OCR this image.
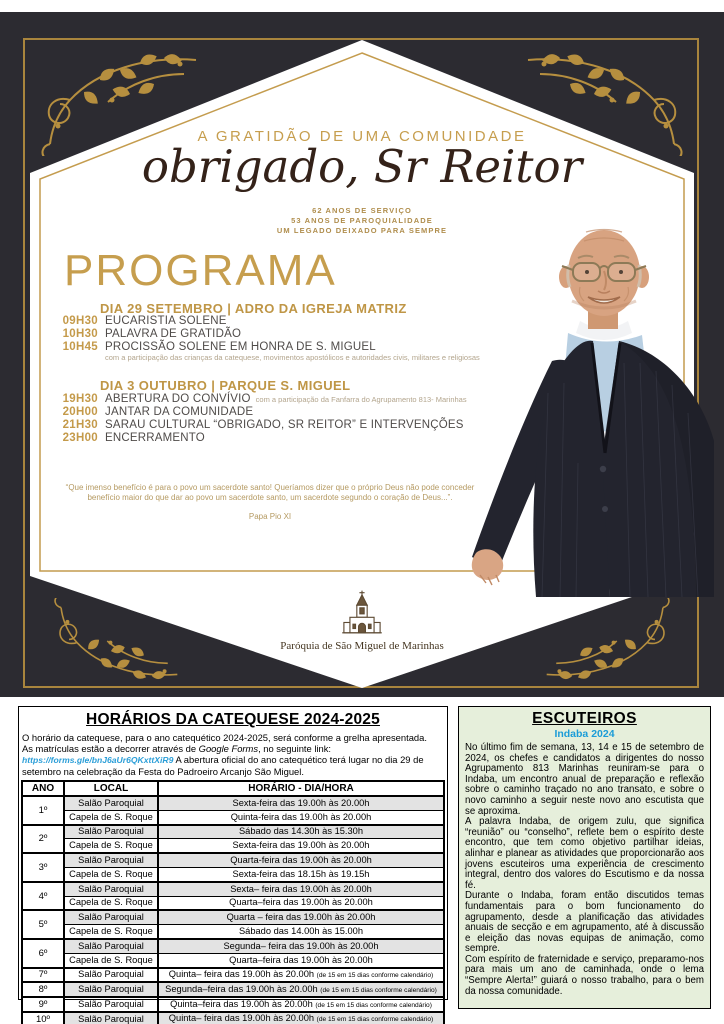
A GRATIDÃO DE UMA COMUNIDADE
obrigado, Sr Reitor
62 ANOS DE SERVIÇO
53 ANOS DE PAROQUIALIDADE
UM LEGADO DEIXADO PARA SEMPRE
PROGRAMA
DIA 29 SETEMBRO | ADRO DA IGREJA MATRIZ
09H30 EUCARISTIA SOLENE
10H30 PALAVRA DE GRATIDÃO
10H45 PROCISSÃO SOLENE EM HONRA DE S. MIGUEL
com a participação das crianças da catequese, movimentos apostólicos e autoridades civis, militares e religiosas
DIA 3 OUTUBRO | PARQUE S. MIGUEL
19H30 ABERTURA DO CONVÍVIO com a participação da Fanfarra do Agrupamento 813- Marinhas
20H00 JANTAR DA COMUNIDADE
21H30 SARAU CULTURAL “OBRIGADO, SR REITOR” E INTERVENÇÕES
23H00 ENCERRAMENTO
“Que imenso benefício é para o povo um sacerdote santo! Queríamos dizer que o próprio Deus não pode conceder
benefício maior do que dar ao povo um sacerdote santo, um sacerdote segundo o coração de Deus...”.
Papa Pio XI
Paróquia de São Miguel de Marinhas
HORÁRIOS DA CATEQUESE 2024-2025
O horário da catequese, para o ano catequético 2024-2025, será conforme a grelha apresentada.
As matrículas estão a decorrer através de Google Forms, no seguinte link: https://forms.gle/bnJ6aUr6QKxttXiR9 A abertura oficial do ano catequético terá lugar no dia 29 de setembro na celebração da Festa do Padroeiro Arcanjo São Miguel.
ANO	LOCAL	HORÁRIO - DIA/HORA
1º	Salão Paroquial	Sexta-feira das 19.00h às 20.00h
	Capela de S. Roque	Quinta-feira das 19.00h às 20.00h
2º	Salão Paroquial	Sábado das 14.30h às 15.30h
	Capela de S. Roque	Sexta-feira das 19.00h às 20.00h
3º	Salão Paroquial	Quarta-feira das 19.00h às 20.00h
	Capela de S. Roque	Sexta-feira das 18.15h às 19.15h
4º	Salão Paroquial	Sexta– feira das 19.00h às 20.00h
	Capela de S. Roque	Quarta–feira das 19.00h às 20.00h
5º	Salão Paroquial	Quarta – feira das 19.00h às 20.00h
	Capela de S. Roque	Sábado das 14.00h às 15.00h
6º	Salão Paroquial	Segunda– feira das 19.00h às 20.00h
	Capela de S. Roque	Quarta–feira das 19.00h às 20.00h
7º	Salão Paroquial	Quinta– feira das 19.00h às 20.00h (de 15 em 15 dias conforme calendário)
8º	Salão Paroquial	Segunda–feira das 19.00h às 20.00h (de 15 em 15 dias conforme calendário)
9º	Salão Paroquial	Quinta–feira das 19.00h às 20.00h (de 15 em 15 dias conforme calendário)
10º	Salão Paroquial	Quinta– feira das 19.00h às 20.00h (de 15 em 15 dias conforme calendário)
ESCUTEIROS
Indaba 2024

No último fim de semana, 13, 14 e 15 de setembro de 2024, os chefes e candidatos a dirigentes do nosso Agrupamento 813 Marinhas reuniram-se para o Indaba, um encontro anual de preparação e reflexão sobre o caminho traçado no ano transato, e sobre o novo caminho a seguir neste novo ano escutista que se aproxima.

A palavra Indaba, de origem zulu, que significa “reunião” ou “conselho”, reflete bem o espírito deste encontro, que tem como objetivo partilhar ideias, alinhar e planear as atividades que proporcionarão aos jovens escuteiros uma experiência de crescimento integral, dentro dos valores do Escutismo e da nossa fé.

Durante o Indaba, foram então discutidos temas fundamentais para o bom funcionamento do agrupamento, desde a planificação das atividades anuais de secção e em agrupamento, até à discussão e eleição das novas equipas de animação, como sempre.

Com espírito de fraternidade e serviço, preparamo-nos para mais um ano de caminhada, onde o lema “Sempre Alerta!” guiará o nosso trabalho, para o bem da nossa comunidade.
